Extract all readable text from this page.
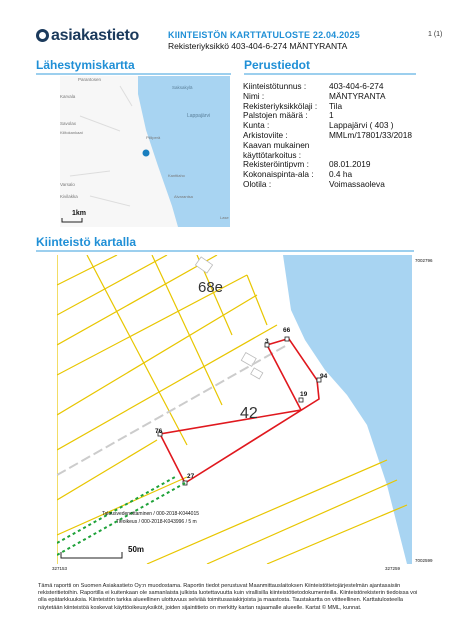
asiakastieto	KIINTEISTÖN KARTTATULOSTE 22.04.2025
Rekisteriyksikkö 403-404-6-274 MÄNTYRANTA
1 (1)
Lähestymiskartta	Perustiedot
Kiinteistö kartalla
Parantosen
Karvala
Savolax
Kiiltokankaat
Varsalo
Kivilakka
Saksakylä
Lappajärvi
Piiliperä
Kanttiaho
Alvarantsa
Lase
1km
Kiinteistötunnus :	403-404-6-274
Nimi :	MÄNTYRANTA
Rekisteriyksikkölaji :	Tila
Palstojen määrä :	1
Kunta :	Lappajärvi ( 403 )
Arkistoviite :	MMLm/17801/33/2018
Kaavan mukainen
käyttötarkoitus :
Rekisteröintipvm :	08.01.2019
Kokonaispinta-ala :	0.4 ha
Olotila :	Voimassaoleva
68e
42
66
3
94
19
76
27
Talousvedenottaminen / 000-2018-K044015
Tieoikeus / 000-2018-K043996 / 5 m
50m
7002796
7002599
327153	327259
Tämä raportti on Suomen Asiakastieto Oy:n muodostama. Raportin tiedot perustuvat Maanmittauslaitoksen Kiinteistötietojärjestelmän ajantasaisiin rekisteritietoihin. Raportilla ei kuitenkaan ole samanlaista julkista luotettavuutta kuin virallisilla kiinteistötietodokumenteilla. Kiinteistörekisterin tiedoissa voi olla epätarkkuuksia. Kiinteistön tarkka alueellinen ulottuvuus selviää toimitusasiakirjoista ja maastosta. Taustakartta on viitteellinen. Karttatulosteella näytetään kiinteistöä koskevat käyttöoikeusyksiköt, joiden sijaintitieto on merkitty kartan rajaamalle alueelle. Kartat © MML, kunnat.
